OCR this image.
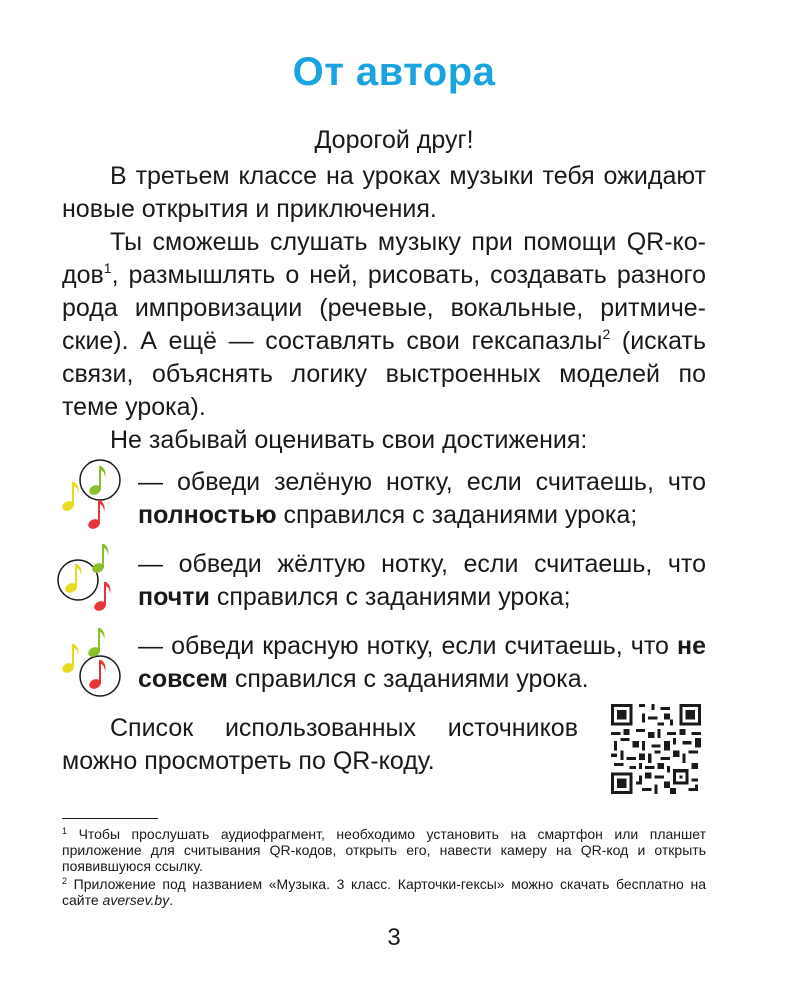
От автора
Дорогой друг!

В третьем классе на уроках музыки тебя ожидают новые открытия и приключения.

Ты сможешь слушать музыку при помощи QR-кодов$^1$, размышлять о ней, рисовать, создавать разного рода импровизации (речевые, вокальные, ритмические). А ещё — составлять свои гексапазлы$^2$ (искать связи, объяснять логику выстроенных моделей по теме урока).

Не забывай оценивать свои достижения:

— обведи зелёную нотку, если считаешь, что полностью справился с заданиями урока;

— обведи жёлтую нотку, если считаешь, что почти справился с заданиями урока;

— обведи красную нотку, если считаешь, что не совсем справился с заданиями урока.

Список использованных источников можно просмотреть по QR-коду.

$^1$ Чтобы прослушать аудиофрагмент, необходимо установить на смартфон или планшет приложение для считывания QR-кодов, открыть его, навести камеру на QR-код и открыть появившуюся ссылку.

$^2$ Приложение под названием «Музыка. 3 класс. Карточки-гексы» можно скачать бесплатно на сайте aversev.by.

3
